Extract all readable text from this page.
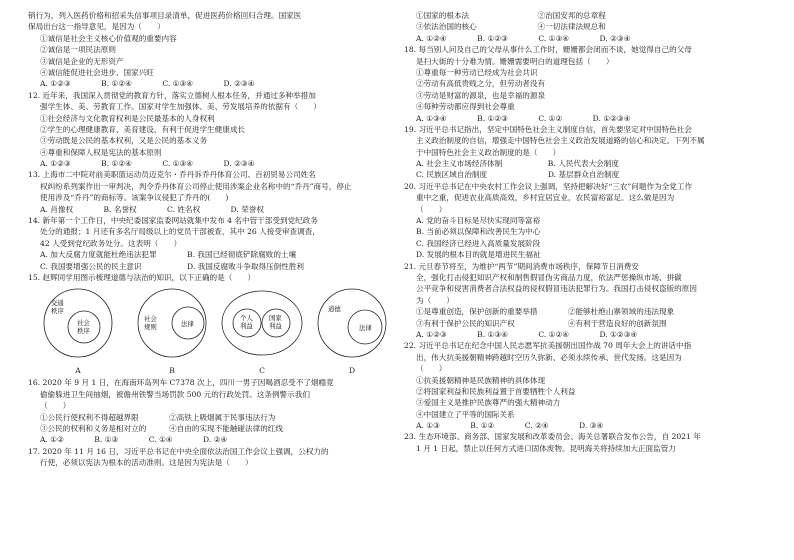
销行为，列入医药价格和招采失信事项目录清单，促进医药价格回归合理。国家医
保局出台这一指导意见，是因为（　　）
①诚信是社会主义核心价值观的重要内容
②诚信是一项民法原则
③诚信是企业的无形资产
④诚信能促进社会进步、国家兴旺
A. ①②③　　　　B. ①②④　　　　C. ①③④　　　　D. ②③④
12. 近年来，我国深入贯彻党的教育方针，落实立德树人根本任务，并通过多种举措加
强学生体、美、劳教育工作。国家对学生加强体、美、劳发展培养的依据有（　　）
①社会经济与文化教育权利是公民最基本的人身权利
②学生的心理健康教育、美育建设，有利于促进学生健康成长
③劳动既是公民的基本权利，又是公民的基本义务
④尊重和保障人权是宪法的基本原则
A. ①②③　　　　B. ①②④　　　　C. ①③④　　　　D. ②③④
13. 上海市二中院对前美职篮运动员迈克尔・乔丹诉乔丹体育公司、百初贸易公司姓名
权纠纷系列案作出一审判决，判令乔丹体育公司停止使用涉案企业名称中的“乔丹”商号，停止
使用涉及“乔丹”的商标等。该案争议侵犯了乔丹的(　　)
A. 肖像权　　　　B. 名誉权　　　　C. 姓名权　　　　D. 荣誉权
14. 新年第一个工作日，中央纪委国家监委网站就集中发布 4 名中管干部受到党纪政务
处分的通报；1 月还有多名厅局级以上的党员干部被查，其中 26 人接受审查调查，
42 人受到党纪政务处分。这表明（　　）
A. 加大反腐力度就能杜绝违法犯罪　　　　B. 我国已经彻底铲除腐败的土壤
C. 我国要增强公民的民主意识　　　　　　D. 我国反腐败斗争取得压倒性胜利
15. 赵辉同学用图示梳理道德与法治的知识，以下正确的是（　　）
交通
秩序
社会
秩序
A
社会
规则	法律
B
个人
利益
国家
利益
C
道德
法律
D
16. 2020 年 9 月 1 日，在海南环岛列车 C7378 次上，四川一男子因喝酒忍受不了烟瘾竟
偷偷躲进卫生间抽烟，被儋州铁警当场罚款 500 元的行政处罚。这条例警示我们
（　　）
①公民行使权利不得超越界限　　　　②高铁上吸烟属于民事违法行为
③公民的权利和义务是相对立的　　　④自由的实现不能触碰法律的红线
A. ①②　　　　B. ①③　　　　C. ①④　　　　D. ②④
17. 2020 年 11 月 16 日，习近平总书记在中央全面依法治国工作会议上强调，公权力的
行使，必须以宪法为根本的活动准则。这是因为宪法是（　　）
①国家的根本法　　　　　　　　　②治国安邦的总章程
③依法治国的核心　　　　　　　　④一切法律法规总和
A. ①②④　　　　B. ①②③　　　　C. ①③④　　　　D. ②③④
18. 每当别人问及自己的父母从事什么工作时，姗姗都会闭而不谈，她觉得自己的父母
是扫大街的十分难为情。姗姗需要明白的道理包括（　　）
①尊重每一种劳动已经成为社会共识
②劳动有高低贵贱之分，但劳动者没有
③劳动是财富的源泉，也是幸福的源泉
④每种劳动都应得到社会尊重
A. ①③④　　　　B. ①②③　　　　C. ①②　　　　D. ①②③④
19. 习近平总书记指出，坚定中国特色社会主义制度自信，首先要坚定对中国特色社会
主义政治制度的自信，增强走中国特色社会主义政治发展道路的信心和决定。下列不属
于中国特色社会主义政治制度的是（　　）
A. 社会主义市场经济体制　　　　　　B. 人民代表大会制度
C. 民族区域自治制度　　　　　　　　D. 基层群众自治制度
20. 习近平总书记在中央农村工作会议上强调，坚持把解决好“三农”问题作为全党工作
重中之重，促进农业高质高效，乡村宜居宜业，农民富裕富足。这么做是因为
（　　）
A. 党的奋斗目标是尽快实现同等富裕
B. 当前必须以保障和改善民生为中心
C. 我国经济已经进入高质量发展阶段
D. 发展的根本目的就是增进民生福祉
21. 元旦春节将至，为维护“两节”期间消费市场秩序，保障节日消费安
全，强化打击侵犯知识产权和制售假冒伪劣商品力度，依法严惩操纵市场、拼碳
公平竞争和侵害消费者合法权益的侵权假冒违法犯罪行为。我国打击侵权盗版的原因
为（　　）
①是尊重创造，保护创新的重要举措　　　　②能够杜绝山寨领域的违法现象
③有利于保护公民的知识产权　　　　　　　④有利于营造良好的创新氛围
A. ①②③　　　　B. ①③④　　　　C. ①②④　　　　D. ①②③④
22. 习近平总书记在纪念中国人民志愿军抗美援朝出国作战 70 周年大会上的讲话中指
出，伟大抗美援朝精神跨越时空历久弥新、必须永续传承、世代发扬。这是因为
（　　）
①抗美援朝精神是民族精神的具体体现
②将国家利益和民族利益置于首要牺牲个人利益
③爱国主义是推护民族尊严的强大精神动力
④中国建立了平等的国际关系
A. ①③　　　　B. ①②　　　　C. ②④　　　　D. ③④
23. 生态环境部、商务部、国家发展和改革委员会、海关总署联合发布公告，自 2021 年
1 月 1 日起，禁止以任何方式进口固体废物。昆明海关将持续加大正面监管力
